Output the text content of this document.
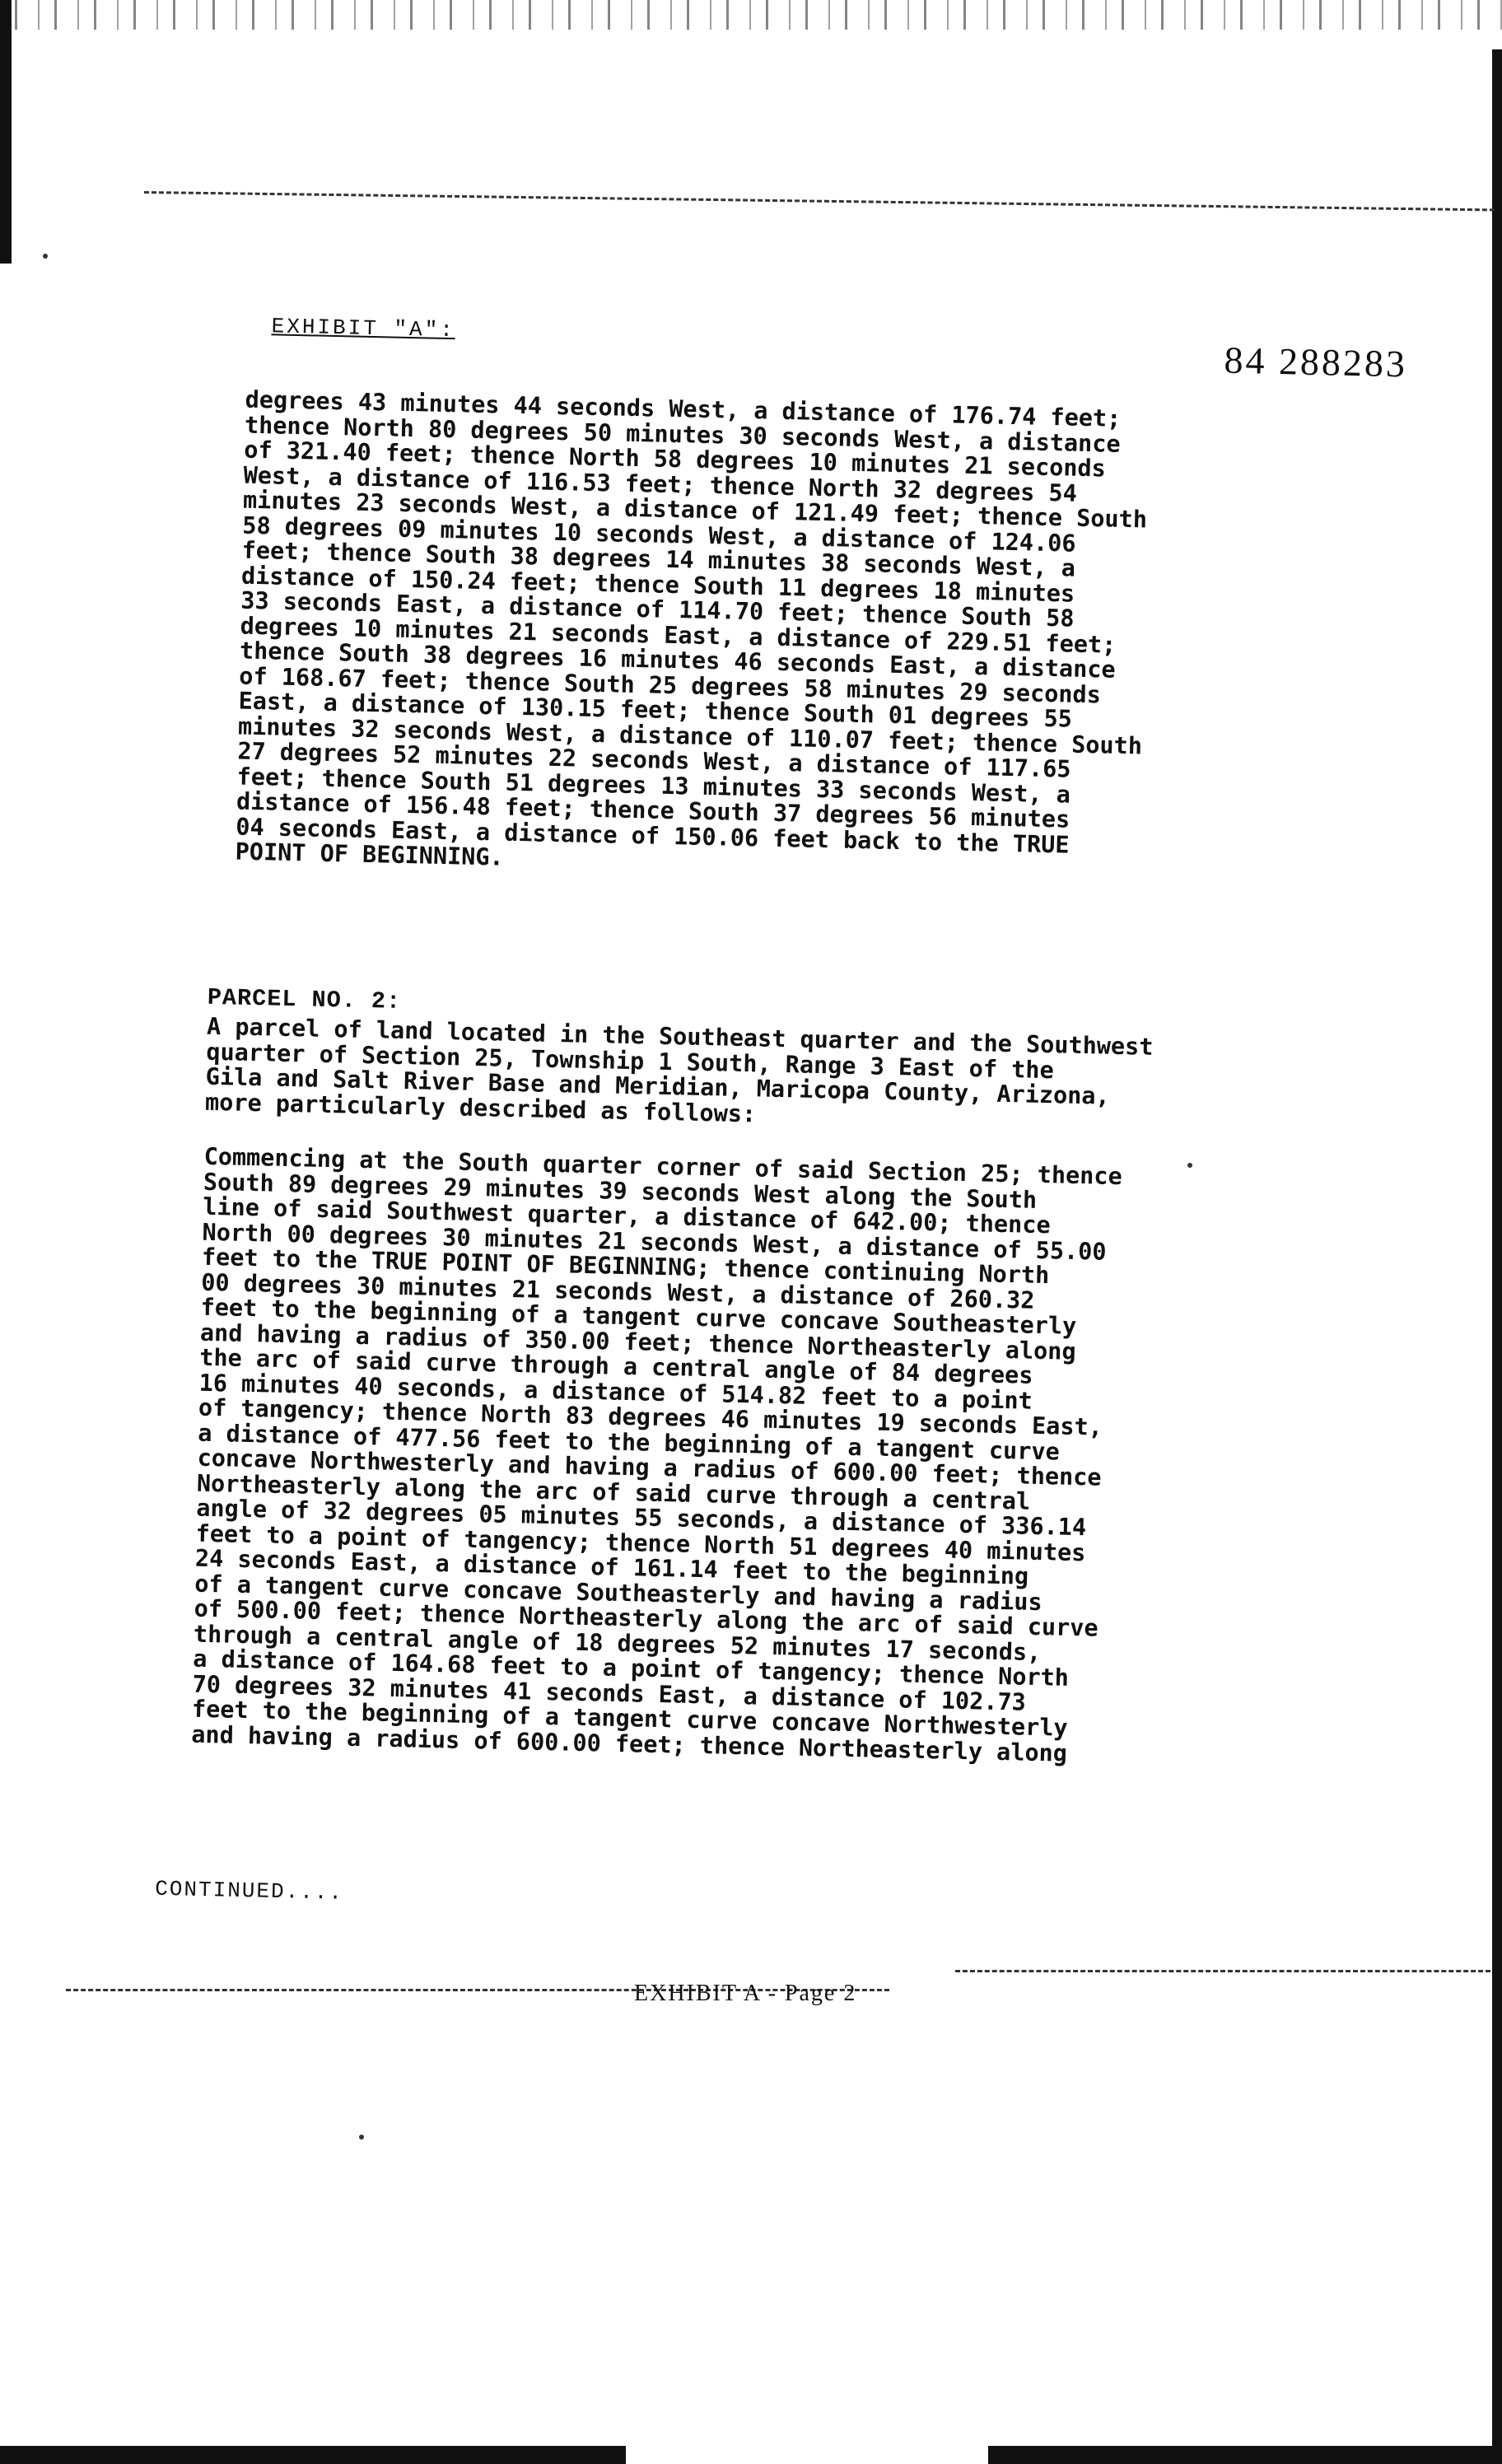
EXHIBIT "A":
84 288283
degrees 43 minutes 44 seconds West, a distance of 176.74 feet;
thence North 80 degrees 50 minutes 30 seconds West, a distance
of 321.40 feet; thence North 58 degrees 10 minutes 21 seconds
West, a distance of 116.53 feet; thence North 32 degrees 54
minutes 23 seconds West, a distance of 121.49 feet; thence South
58 degrees 09 minutes 10 seconds West, a distance of 124.06
feet; thence South 38 degrees 14 minutes 38 seconds West, a
distance of 150.24 feet; thence South 11 degrees 18 minutes
33 seconds East, a distance of 114.70 feet; thence South 58
degrees 10 minutes 21 seconds East, a distance of 229.51 feet;
thence South 38 degrees 16 minutes 46 seconds East, a distance
of 168.67 feet; thence South 25 degrees 58 minutes 29 seconds
East, a distance of 130.15 feet; thence South 01 degrees 55
minutes 32 seconds West, a distance of 110.07 feet; thence South
27 degrees 52 minutes 22 seconds West, a distance of 117.65
feet; thence South 51 degrees 13 minutes 33 seconds West, a
distance of 156.48 feet; thence South 37 degrees 56 minutes
04 seconds East, a distance of 150.06 feet back to the TRUE
POINT OF BEGINNING.
PARCEL NO. 2:
A parcel of land located in the Southeast quarter and the Southwest
quarter of Section 25, Township 1 South, Range 3 East of the
Gila and Salt River Base and Meridian, Maricopa County, Arizona,
more particularly described as follows:
Commencing at the South quarter corner of said Section 25; thence
South 89 degrees 29 minutes 39 seconds West along the South
line of said Southwest quarter, a distance of 642.00; thence
North 00 degrees 30 minutes 21 seconds West, a distance of 55.00
feet to the TRUE POINT OF BEGINNING; thence continuing North
00 degrees 30 minutes 21 seconds West, a distance of 260.32
feet to the beginning of a tangent curve concave Southeasterly
and having a radius of 350.00 feet; thence Northeasterly along
the arc of said curve through a central angle of 84 degrees
16 minutes 40 seconds, a distance of 514.82 feet to a point
of tangency; thence North 83 degrees 46 minutes 19 seconds East,
a distance of 477.56 feet to the beginning of a tangent curve
concave Northwesterly and having a radius of 600.00 feet; thence
Northeasterly along the arc of said curve through a central
angle of 32 degrees 05 minutes 55 seconds, a distance of 336.14
feet to a point of tangency; thence North 51 degrees 40 minutes
24 seconds East, a distance of 161.14 feet to the beginning
of a tangent curve concave Southeasterly and having a radius
of 500.00 feet; thence Northeasterly along the arc of said curve
through a central angle of 18 degrees 52 minutes 17 seconds,
a distance of 164.68 feet to a point of tangency; thence North
70 degrees 32 minutes 41 seconds East, a distance of 102.73
feet to the beginning of a tangent curve concave Northwesterly
and having a radius of 600.00 feet; thence Northeasterly along
CONTINUED....
EXHIBIT A - Page 2
